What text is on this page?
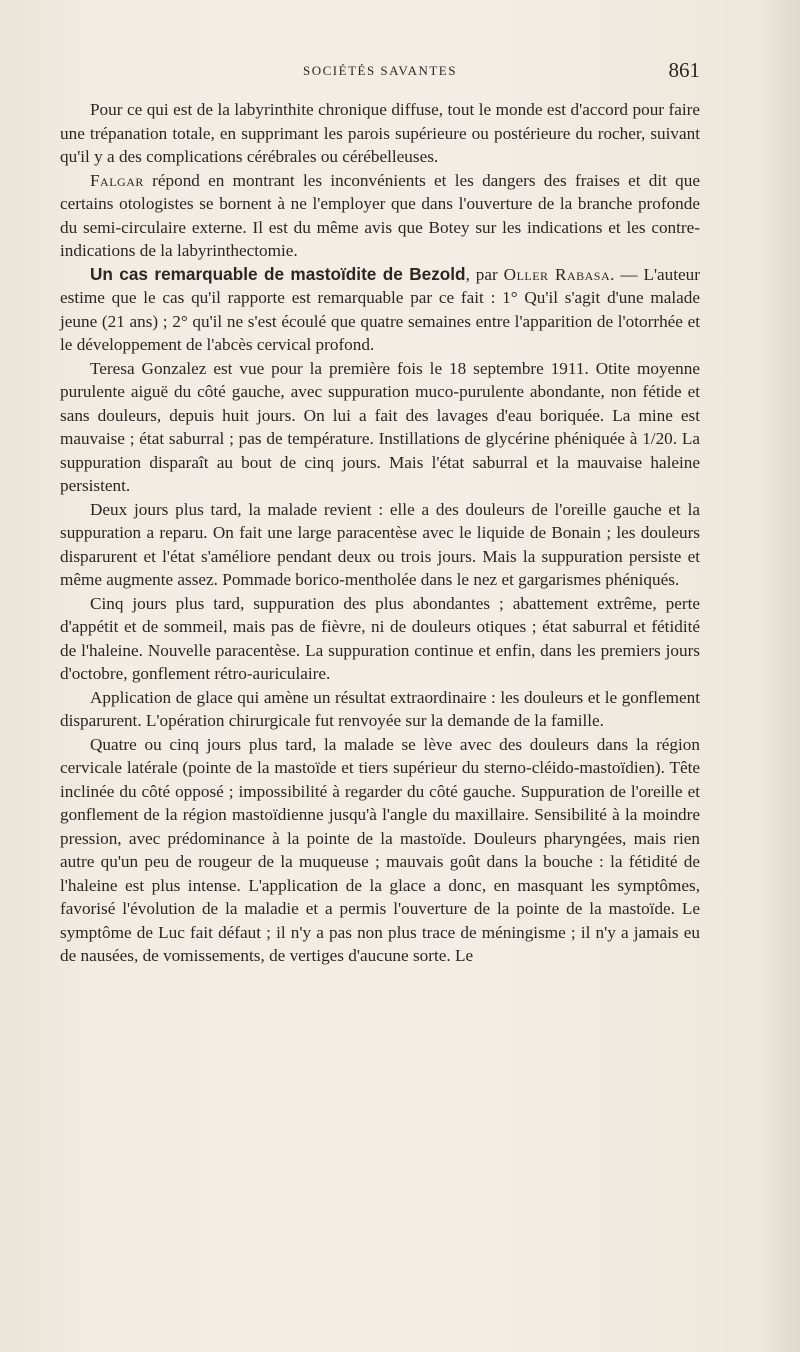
SOCIÉTÉS SAVANTES	861

Pour ce qui est de la labyrinthite chronique diffuse, tout le monde est d'accord pour faire une trépanation totale, en supprimant les parois supérieure ou postérieure du rocher, suivant qu'il y a des complications cérébrales ou cérébelleuses.

Falgar répond en montrant les inconvénients et les dangers des fraises et dit que certains otologistes se bornent à ne l'employer que dans l'ouverture de la branche profonde du semi-circulaire externe. Il est du même avis que Botey sur les indications et les contre-indications de la labyrinthectomie.

Un cas remarquable de mastoïdite de Bezold, par Oller Rabasa. — L'auteur estime que le cas qu'il rapporte est remarquable par ce fait : 1° Qu'il s'agit d'une malade jeune (21 ans) ; 2° qu'il ne s'est écoulé que quatre semaines entre l'apparition de l'otorrhée et le développement de l'abcès cervical profond.

Teresa Gonzalez est vue pour la première fois le 18 septembre 1911. Otite moyenne purulente aiguë du côté gauche, avec suppuration muco-purulente abondante, non fétide et sans douleurs, depuis huit jours. On lui a fait des lavages d'eau boriquée. La mine est mauvaise ; état saburral ; pas de température. Instillations de glycérine phéniquée à 1/20. La suppuration disparaît au bout de cinq jours. Mais l'état saburral et la mauvaise haleine persistent.

Deux jours plus tard, la malade revient : elle a des douleurs de l'oreille gauche et la suppuration a reparu. On fait une large paracentèse avec le liquide de Bonain ; les douleurs disparurent et l'état s'améliore pendant deux ou trois jours. Mais la suppuration persiste et même augmente assez. Pommade borico-mentholée dans le nez et gargarismes phéniqués.

Cinq jours plus tard, suppuration des plus abondantes ; abattement extrême, perte d'appétit et de sommeil, mais pas de fièvre, ni de douleurs otiques ; état saburral et fétidité de l'haleine. Nouvelle paracentèse. La suppuration continue et enfin, dans les premiers jours d'octobre, gonflement rétro-auriculaire.

Application de glace qui amène un résultat extraordinaire : les douleurs et le gonflement disparurent. L'opération chirurgicale fut renvoyée sur la demande de la famille.

Quatre ou cinq jours plus tard, la malade se lève avec des douleurs dans la région cervicale latérale (pointe de la mastoïde et tiers supérieur du sterno-cléido-mastoïdien). Tête inclinée du côté opposé ; impossibilité à regarder du côté gauche. Suppuration de l'oreille et gonflement de la région mastoïdienne jusqu'à l'angle du maxillaire. Sensibilité à la moindre pression, avec prédominance à la pointe de la mastoïde. Douleurs pharyngées, mais rien autre qu'un peu de rougeur de la muqueuse ; mauvais goût dans la bouche : la fétidité de l'haleine est plus intense. L'application de la glace a donc, en masquant les symptômes, favorisé l'évolution de la maladie et a permis l'ouverture de la pointe de la mastoïde. Le symptôme de Luc fait défaut ; il n'y a pas non plus trace de méningisme ; il n'y a jamais eu de nausées, de vomissements, de vertiges d'aucune sorte. Le
